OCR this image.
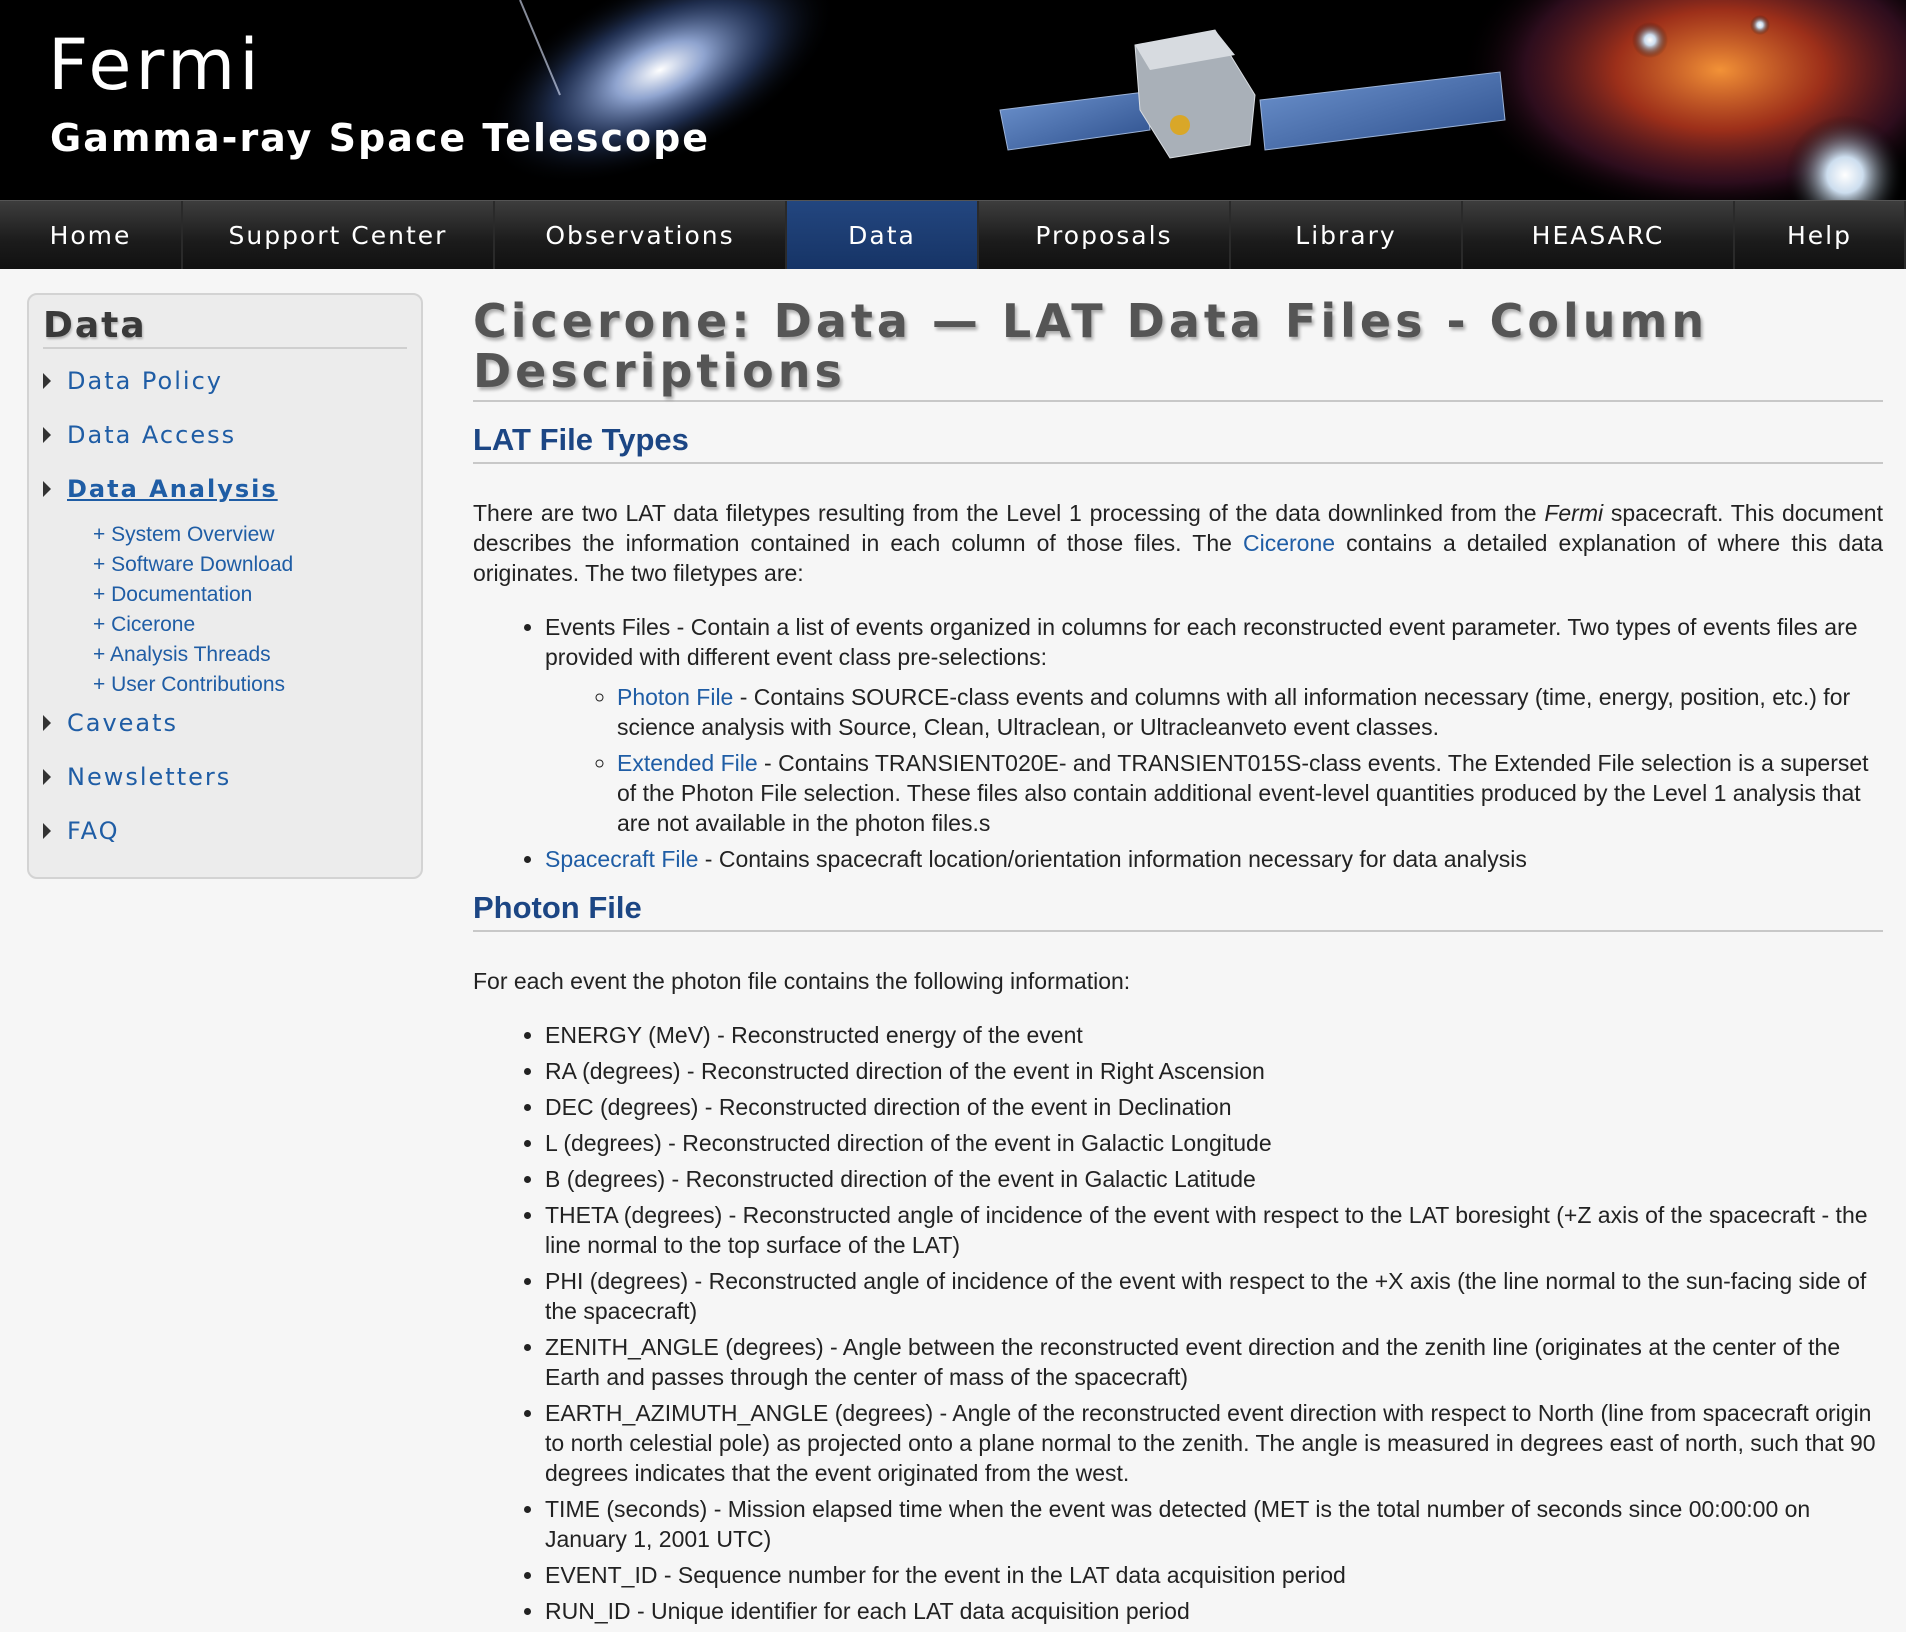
Fermi
Gamma-ray Space Telescope
Home	Support Center	Observations	Data	Proposals	Library	HEASARC	Help
Data
Data Policy
Data Access
Data Analysis
+ System Overview
+ Software Download
+ Documentation
+ Cicerone
+ Analysis Threads
+ User Contributions
Caveats
Newsletters
FAQ
Cicerone: Data — LAT Data Files - Column Descriptions
LAT File Types

There are two LAT data filetypes resulting from the Level 1 processing of the data downlinked from the Fermi spacecraft. This document describes the information contained in each column of those files. The Cicerone contains a detailed explanation of where this data originates. The two filetypes are:

• Events Files - Contain a list of events organized in columns for each reconstructed event parameter. Two types of events files are provided with different event class pre-selections:
◦ Photon File - Contains SOURCE-class events and columns with all information necessary (time, energy, position, etc.) for science analysis with Source, Clean, Ultraclean, or Ultracleanveto event classes.
◦ Extended File - Contains TRANSIENT020E- and TRANSIENT015S-class events. The Extended File selection is a superset of the Photon File selection. These files also contain additional event-level quantities produced by the Level 1 analysis that are not available in the photon files.s
• Spacecraft File - Contains spacecraft location/orientation information necessary for data analysis
Photon File

For each event the photon file contains the following information:

• ENERGY (MeV) - Reconstructed energy of the event
• RA (degrees) - Reconstructed direction of the event in Right Ascension
• DEC (degrees) - Reconstructed direction of the event in Declination
• L (degrees) - Reconstructed direction of the event in Galactic Longitude
• B (degrees) - Reconstructed direction of the event in Galactic Latitude
• THETA (degrees) - Reconstructed angle of incidence of the event with respect to the LAT boresight (+Z axis of the spacecraft - the line normal to the top surface of the LAT)
• PHI (degrees) - Reconstructed angle of incidence of the event with respect to the +X axis (the line normal to the sun-facing side of the spacecraft)
• ZENITH_ANGLE (degrees) - Angle between the reconstructed event direction and the zenith line (originates at the center of the Earth and passes through the center of mass of the spacecraft)
• EARTH_AZIMUTH_ANGLE (degrees) - Angle of the reconstructed event direction with respect to North (line from spacecraft origin to north celestial pole) as projected onto a plane normal to the zenith. The angle is measured in degrees east of north, such that 90 degrees indicates that the event originated from the west.
• TIME (seconds) - Mission elapsed time when the event was detected (MET is the total number of seconds since 00:00:00 on January 1, 2001 UTC)
• EVENT_ID - Sequence number for the event in the LAT data acquisition period
• RUN_ID - Unique identifier for each LAT data acquisition period
